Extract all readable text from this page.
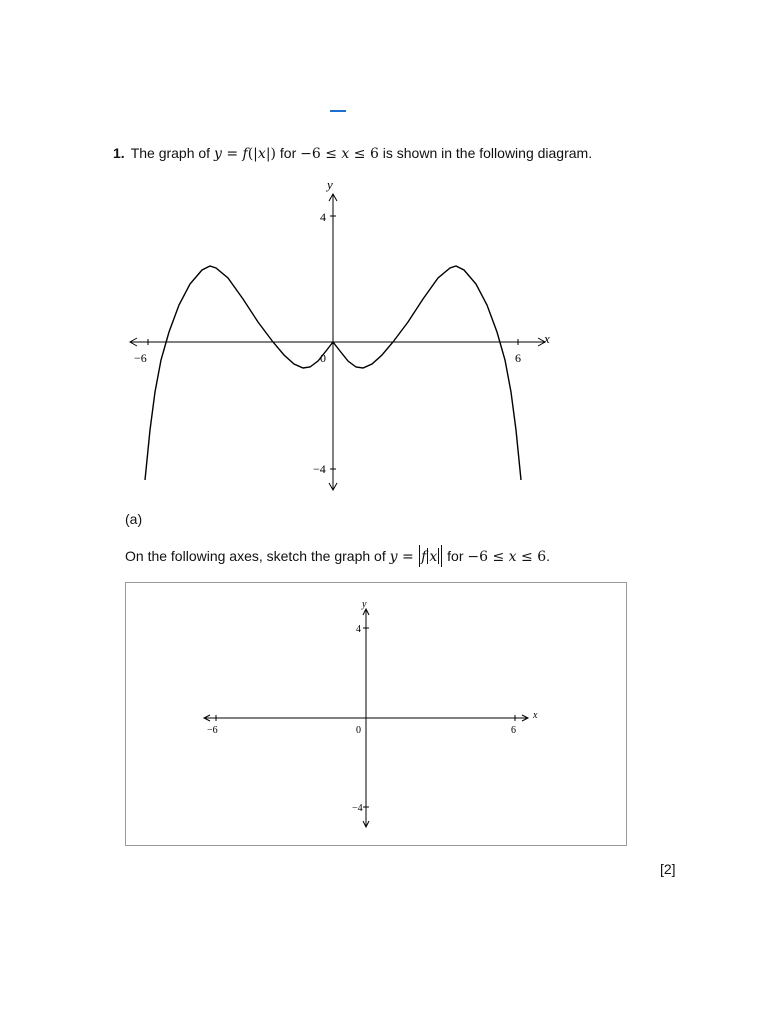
1. The graph of y = f(|x|) for −6 ≤ x ≤ 6 is shown in the following diagram.
x
y
−6	6
0
4
−4
(a)
On the following axes, sketch the graph of y = f x for −6 ≤ x ≤ 6.
x
y
−6	6
0
4
−4
[2]
